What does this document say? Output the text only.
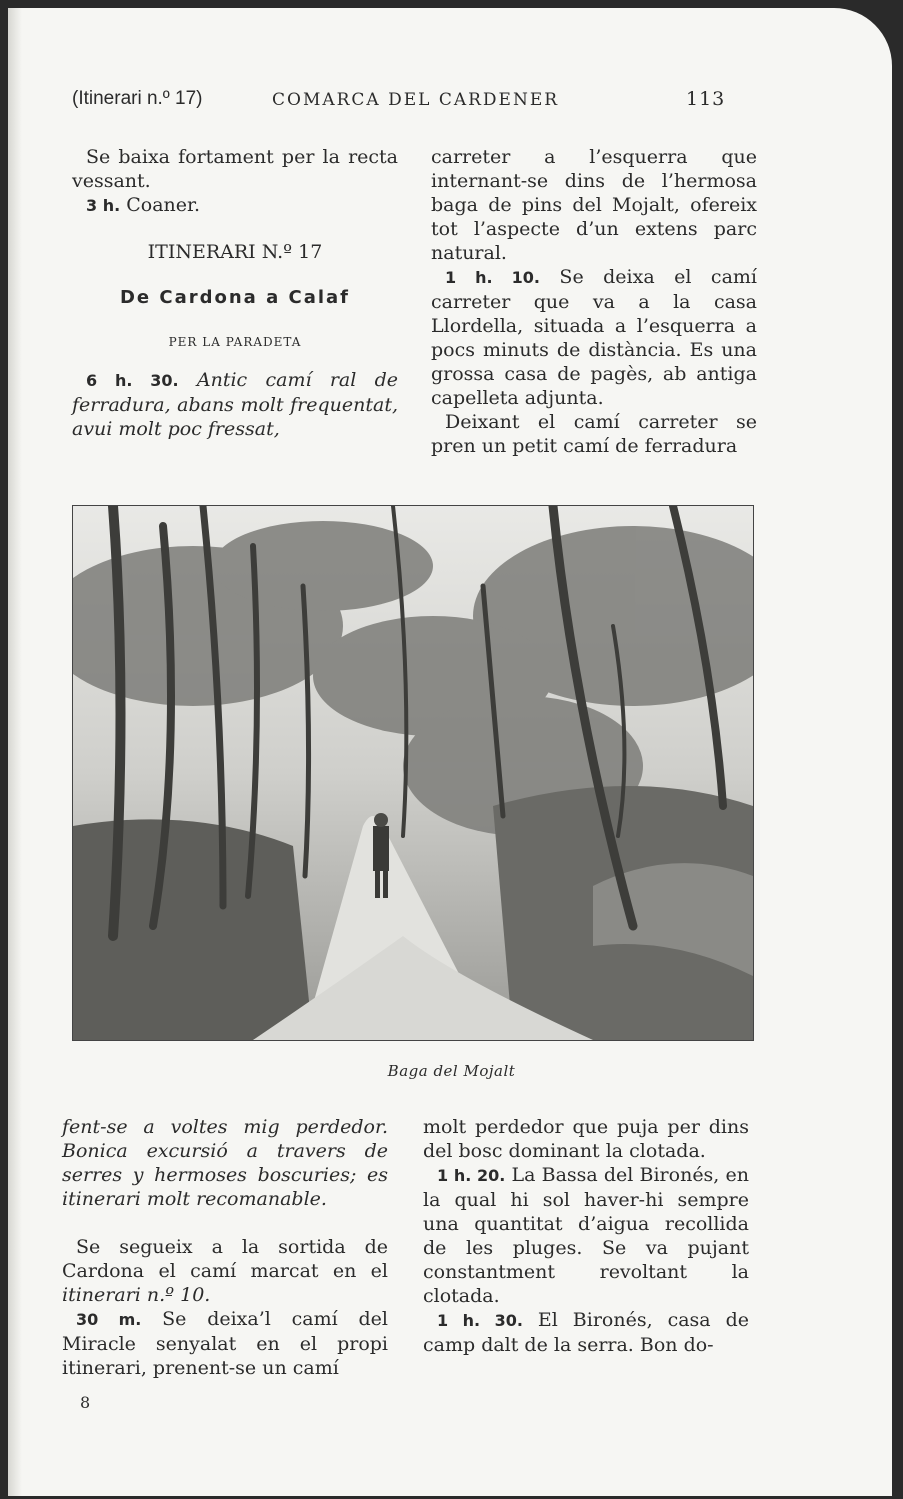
(Itinerari n.º 17)	COMARCA DEL CARDENER	113

Se baixa fortament per la recta vessant.

3 h. Coaner.

ITINERARI N.º 17

De Cardona a Calaf

PER LA PARADETA

6 h. 30. Antic camí ral de ferradura, abans molt frequentat, avui molt poc fressat,

carreter a l’esquerra que internant-se dins de l’hermosa baga de pins del Mojalt, ofereix tot l’aspecte d’un extens parc natural.

1 h. 10. Se deixa el camí carreter que va a la casa Llordella, situada a l’esquerra a pocs minuts de distància. Es una grossa casa de pagès, ab antiga capelleta adjunta.

Deixant el camí carreter se pren un petit camí de ferradura

Baga del Mojalt

fent-se a voltes mig perdedor. Bonica excursió a travers de serres y hermoses boscuries; es itinerari molt recomanable.

Se segueix a la sortida de Cardona el camí marcat en el itinerari n.º 10.

30 m. Se deixa’l camí del Miracle senyalat en el propi itinerari, prenent-se un camí

molt perdedor que puja per dins del bosc dominant la clotada.

1 h. 20. La Bassa del Bironés, en la qual hi sol haver-hi sempre una quantitat d’aigua recollida de les pluges. Se va pujant constantment revoltant la clotada.

1 h. 30. El Bironés, casa de camp dalt de la serra. Bon do-

8
